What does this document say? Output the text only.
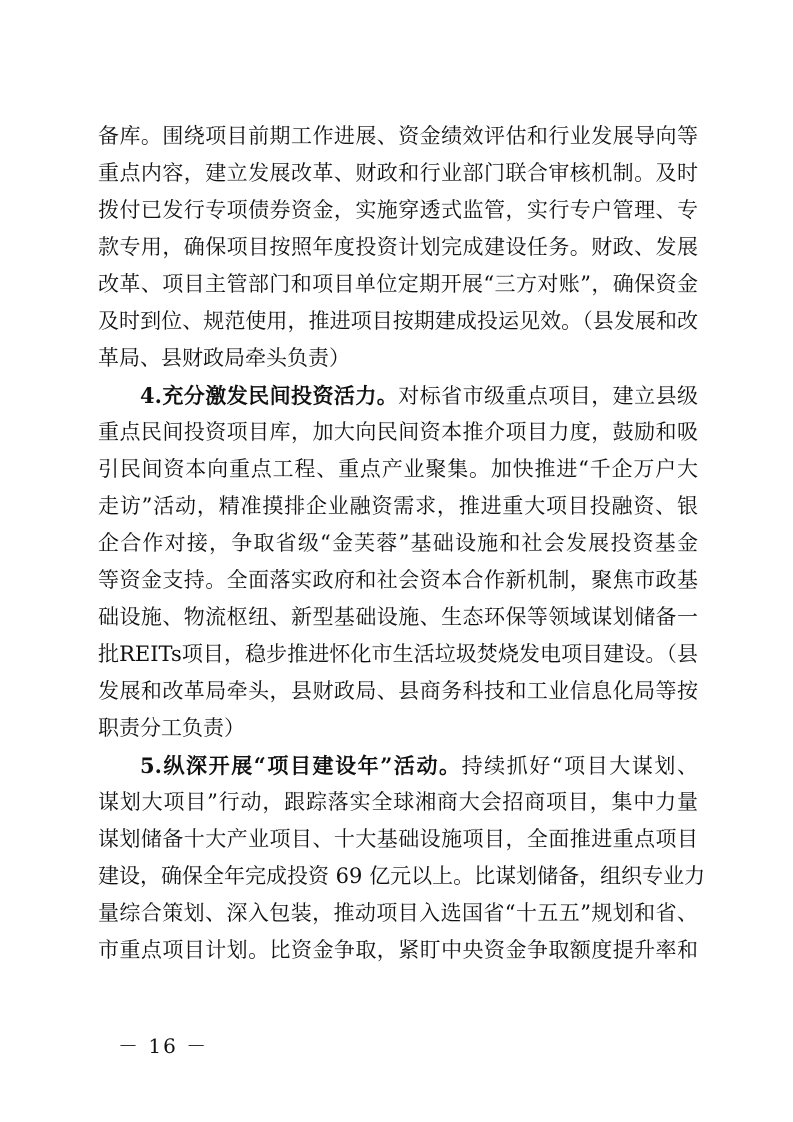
备库。围绕项目前期工作进展、资金绩效评估和行业发展导向等
重点内容，建立发展改革、财政和行业部门联合审核机制。及时
拨付已发行专项债券资金，实施穿透式监管，实行专户管理、专
款专用，确保项目按照年度投资计划完成建设任务。财政、发展
改革、项目主管部门和项目单位定期开展“三方对账”，确保资金
及时到位、规范使用，推进项目按期建成投运见效。（县发展和改
革局、县财政局牵头负责）
4.充分激发民间投资活力。对标省市级重点项目，建立县级
重点民间投资项目库，加大向民间资本推介项目力度，鼓励和吸
引民间资本向重点工程、重点产业聚集。加快推进“千企万户大
走访”活动，精准摸排企业融资需求，推进重大项目投融资、银
企合作对接，争取省级“金芙蓉”基础设施和社会发展投资基金
等资金支持。全面落实政府和社会资本合作新机制，聚焦市政基
础设施、物流枢纽、新型基础设施、生态环保等领域谋划储备一
批REITs项目，稳步推进怀化市生活垃圾焚烧发电项目建设。（县
发展和改革局牵头，县财政局、县商务科技和工业信息化局等按
职责分工负责）
5.纵深开展“项目建设年”活动。持续抓好“项目大谋划、
谋划大项目”行动，跟踪落实全球湘商大会招商项目，集中力量
谋划储备十大产业项目、十大基础设施项目，全面推进重点项目
建设，确保全年完成投资 69 亿元以上。比谋划储备，组织专业力
量综合策划、深入包装，推动项目入选国省“十五五”规划和省、
市重点项目计划。比资金争取，紧盯中央资金争取额度提升率和
－ 16 －
